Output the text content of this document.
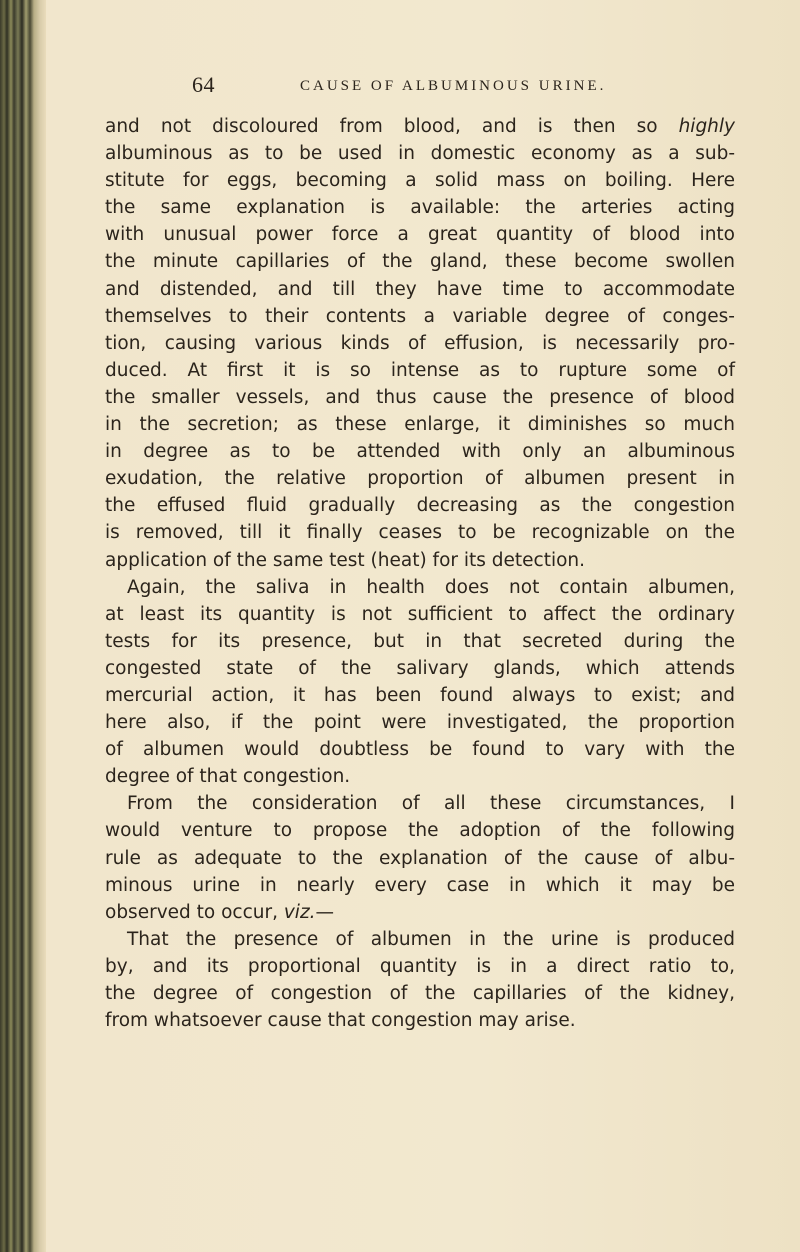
64	CAUSE OF ALBUMINOUS URINE.
and not discoloured from blood, and is then so highly
albuminous as to be used in domestic economy as a sub-
stitute for eggs, becoming a solid mass on boiling. Here
the same explanation is available: the arteries acting
with unusual power force a great quantity of blood into
the minute capillaries of the gland, these become swollen
and distended, and till they have time to accommodate
themselves to their contents a variable degree of conges-
tion, causing various kinds of effusion, is necessarily pro-
duced. At first it is so intense as to rupture some of
the smaller vessels, and thus cause the presence of blood
in the secretion; as these enlarge, it diminishes so much
in degree as to be attended with only an albuminous
exudation, the relative proportion of albumen present in
the effused fluid gradually decreasing as the congestion
is removed, till it finally ceases to be recognizable on the
application of the same test (heat) for its detection.
Again, the saliva in health does not contain albumen,
at least its quantity is not sufficient to affect the ordinary
tests for its presence, but in that secreted during the
congested state of the salivary glands, which attends
mercurial action, it has been found always to exist; and
here also, if the point were investigated, the proportion
of albumen would doubtless be found to vary with the
degree of that congestion.
From the consideration of all these circumstances, I
would venture to propose the adoption of the following
rule as adequate to the explanation of the cause of albu-
minous urine in nearly every case in which it may be
observed to occur, viz.—
That the presence of albumen in the urine is produced
by, and its proportional quantity is in a direct ratio to,
the degree of congestion of the capillaries of the kidney,
from whatsoever cause that congestion may arise.
